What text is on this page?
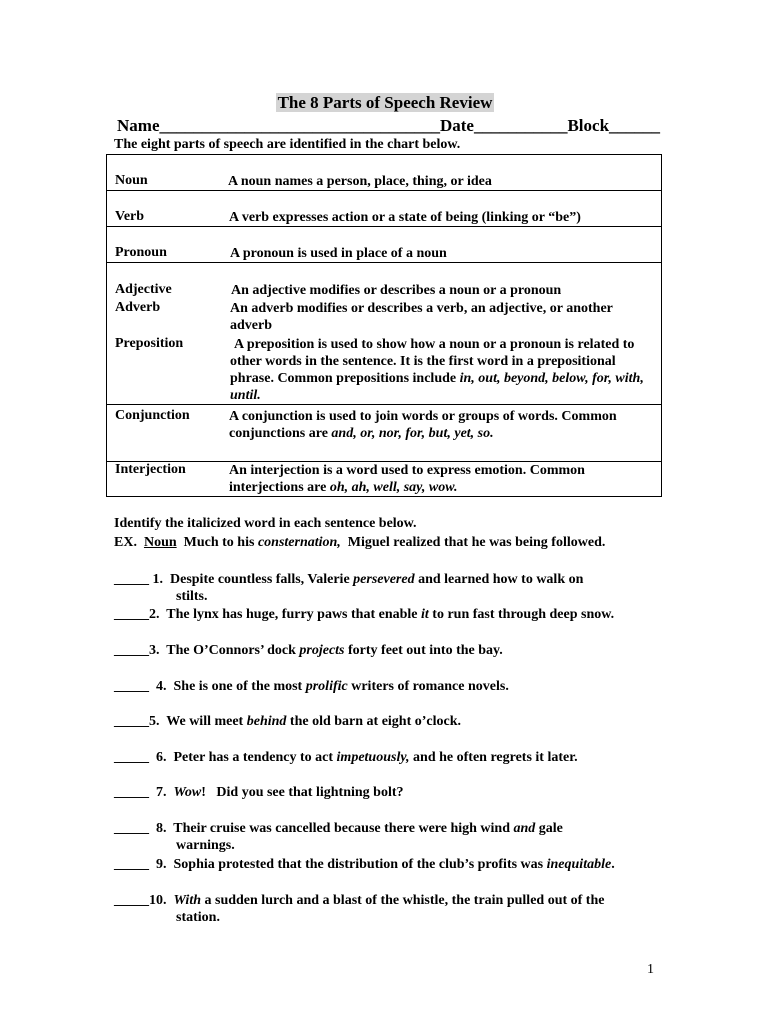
The 8 Parts of Speech Review
Name_________________________________Date___________Block______
The eight parts of speech are identified in the chart below.
Noun	A noun names a person, place, thing, or idea
Verb	A verb expresses action or a state of being (linking or “be”)
Pronoun	A pronoun is used in place of a noun
Adjective	An adjective modifies or describes a noun or a pronoun
Adverb	An adverb modifies or describes a verb, an adjective, or another
adverb
Preposition	A preposition is used to show how a noun or a pronoun is related to other words in the sentence. It is the first word in a prepositional phrase. Common prepositions include in, out, beyond, below, for, with, until.
Conjunction	A conjunction is used to join words or groups of words. Common conjunctions are and, or, nor, for, but, yet, so.
Interjection	An interjection is a word used to express emotion. Common interjections are oh, ah, well, say, wow.
Identify the italicized word in each sentence below.
EX.  Noun  Much to his consternation,  Miguel realized that he was being followed.
_____ 1.  Despite countless falls, Valerie persevered and learned how to walk on
stilts.
_____2.  The lynx has huge, furry paws that enable it to run fast through deep snow.
_____3.  The O’Connors’ dock projects forty feet out into the bay.
_____  4.  She is one of the most prolific writers of romance novels.
_____5.  We will meet behind the old barn at eight o’clock.
_____  6.  Peter has a tendency to act impetuously, and he often regrets it later.
_____  7. Wow!   Did you see that lightning bolt?
_____  8.  Their cruise was cancelled because there were high wind and gale
warnings.
_____  9.  Sophia protested that the distribution of the club’s profits was inequitable.
_____10. With a sudden lurch and a blast of the whistle, the train pulled out of the
station.
1
